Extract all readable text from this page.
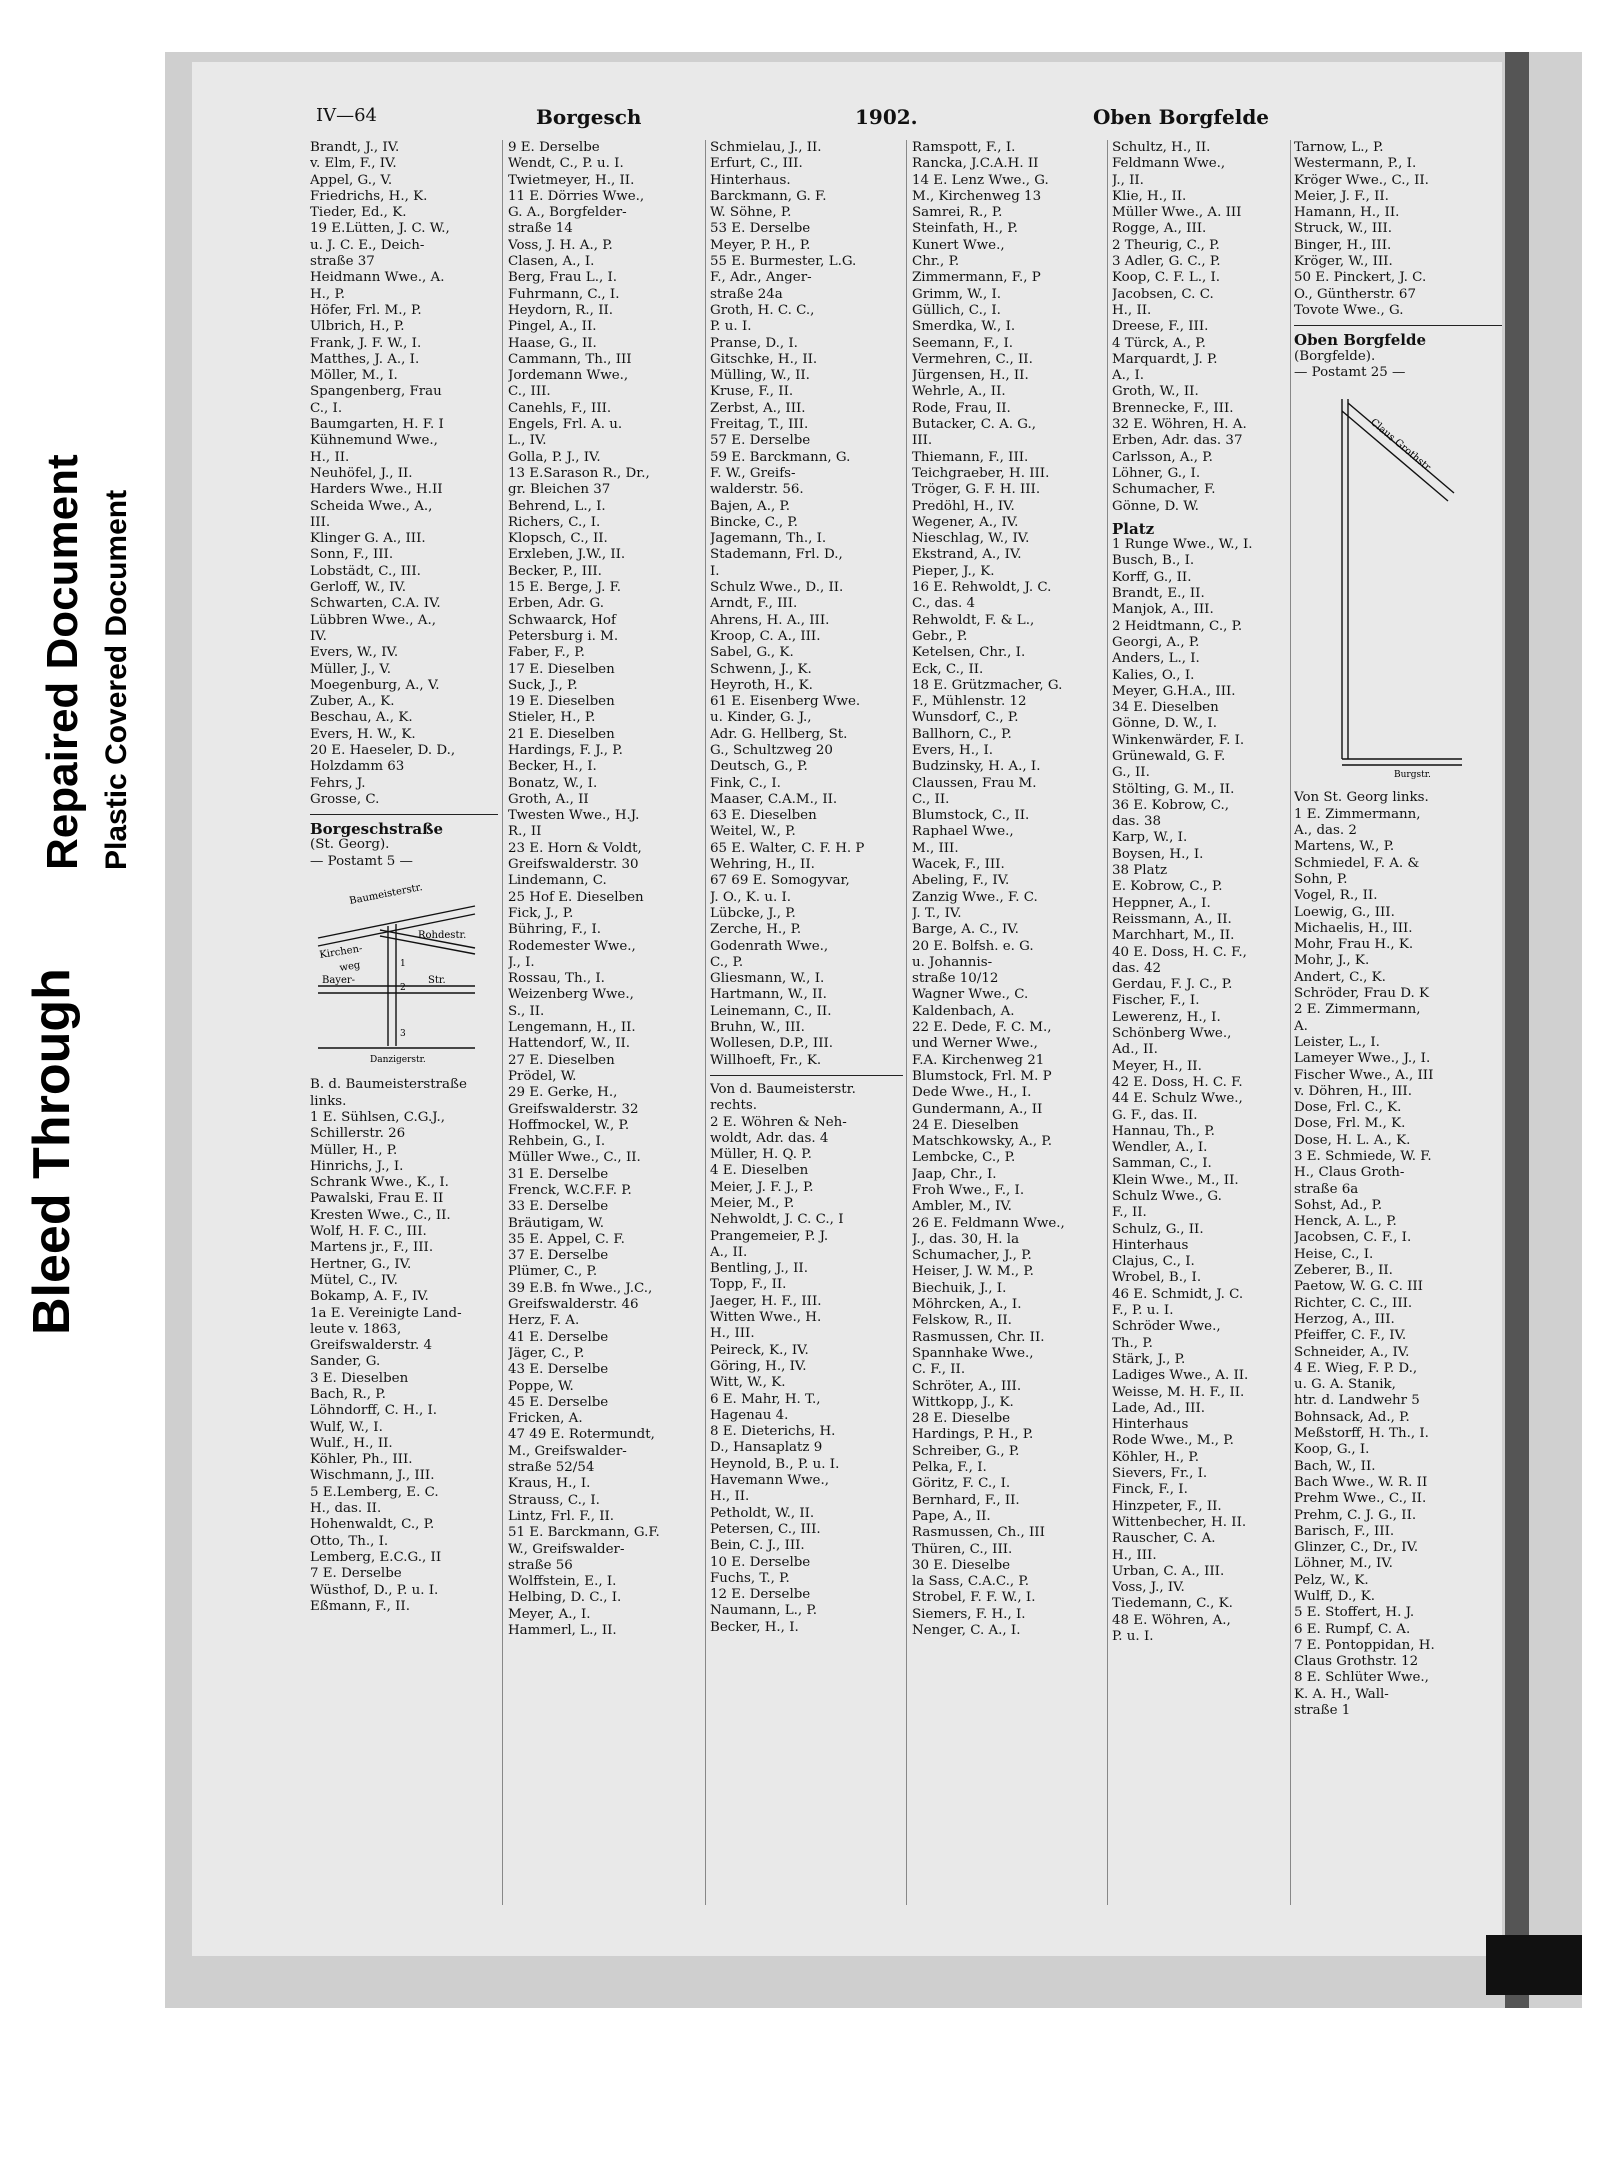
Bleed Through
Repaired Document Plastic Covered Document
IV—64	Borgesch	1902.	Oben Borgfelde
Brandt, J., IV.
v. Elm, F., IV.
Appel, G., V.
Friedrichs, H., K.
Tieder, Ed., K.
19 E.Lütten, J. C. W.,
u. J. C. E., Deich-
straße 37
Heidmann Wwe., A.
H., P.
Höfer, Frl. M., P.
Ulbrich, H., P.
Frank, J. F. W., I.
Matthes, J. A., I.
Möller, M., I.
Spangenberg, Frau
C., I.
Baumgarten, H. F. I
Kühnemund Wwe.,
H., II.
Neuhöfel, J., II.
Harders Wwe., H.II
Scheida Wwe., A.,
III.
Klinger G. A., III.
Sonn, F., III.
Lobstädt, C., III.
Gerloff, W., IV.
Schwarten, C.A. IV.
Lübbren Wwe., A.,
IV.
Evers, W., IV.
Müller, J., V.
Moegenburg, A., V.
Zuber, A., K.
Beschau, A., K.
Evers, H. W., K.
20 E. Haeseler, D. D.,
Holzdamm 63
Fehrs, J.
Grosse, C.
Borgeschstraße
(St. Georg).
— Postamt 5 —
Baumeisterstr.
Rohdestr.
Kirchen-
weg
Bayer-	Str.
Danzigerstr.
1
2
3
B. d. Baumeisterstraße
links.
1 E. Sühlsen, C.G.J.,
Schillerstr. 26
Müller, H., P.
Hinrichs, J., I.
Schrank Wwe., K., I.
Pawalski, Frau E. II
Kresten Wwe., C., II.
Wolf, H. F. C., III.
Martens jr., F., III.
Hertner, G., IV.
Mütel, C., IV.
Bokamp, A. F., IV.
1a E. Vereinigte Land-
leute v. 1863,
Greifswalderstr. 4
Sander, G.
3 E. Dieselben
Bach, R., P.
Löhndorff, C. H., I.
Wulf, W., I.
Wulf., H., II.
Köhler, Ph., III.
Wischmann, J., III.
5 E.Lemberg, E. C.
H., das. II.
Hohenwaldt, C., P.
Otto, Th., I.
Lemberg, E.C.G., II
7 E. Derselbe
Wüsthof, D., P. u. I.
Eßmann, F., II.
9 E. Derselbe
Wendt, C., P. u. I.
Twietmeyer, H., II.
11 E. Dörries Wwe.,
G. A., Borgfelder-
straße 14
Voss, J. H. A., P.
Clasen, A., I.
Berg, Frau L., I.
Fuhrmann, C., I.
Heydorn, R., II.
Pingel, A., II.
Haase, G., II.
Cammann, Th., III
Jordemann Wwe.,
C., III.
Canehls, F., III.
Engels, Frl. A. u.
L., IV.
Golla, P. J., IV.
13 E.Sarason R., Dr.,
gr. Bleichen 37
Behrend, L., I.
Richers, C., I.
Klopsch, C., II.
Erxleben, J.W., II.
Becker, P., III.
15 E. Berge, J. F.
Erben, Adr. G.
Schwaarck, Hof
Petersburg i. M.
Faber, F., P.
17 E. Dieselben
Suck, J., P.
19 E. Dieselben
Stieler, H., P.
21 E. Dieselben
Hardings, F. J., P.
Becker, H., I.
Bonatz, W., I.
Groth, A., II
Twesten Wwe., H.J.
R., II
23 E. Horn & Voldt,
Greifswalderstr. 30
Lindemann, C.
25 Hof E. Dieselben
Fick, J., P.
Bühring, F., I.
Rodemester Wwe.,
J., I.
Rossau, Th., I.
Weizenberg Wwe.,
S., II.
Lengemann, H., II.
Hattendorf, W., II.
27 E. Dieselben
Prödel, W.
29 E. Gerke, H.,
Greifswalderstr. 32
Hoffmockel, W., P.
Rehbein, G., I.
Müller Wwe., C., II.
31 E. Derselbe
Frenck, W.C.F.F. P.
33 E. Derselbe
Bräutigam, W.
35 E. Appel, C. F.
37 E. Derselbe
Plümer, C., P.
39 E.B. fn Wwe., J.C.,
Greifswalderstr. 46
Herz, F. A.
41 E. Derselbe
Jäger, C., P.
43 E. Derselbe
Poppe, W.
45 E. Derselbe
Fricken, A.
47 49 E. Rotermundt,
M., Greifswalder-
straße 52/54
Kraus, H., I.
Strauss, C., I.
Lintz, Frl. F., II.
51 E. Barckmann, G.F.
W., Greifswalder-
straße 56
Wolffstein, E., I.
Helbing, D. C., I.
Meyer, A., I.
Hammerl, L., II.
Schmielau, J., II.
Erfurt, C., III.
Hinterhaus.
Barckmann, G. F.
W. Söhne, P.
53 E. Derselbe
Meyer, P. H., P.
55 E. Burmester, L.G.
F., Adr., Anger-
straße 24a
Groth, H. C. C.,
P. u. I.
Pranse, D., I.
Gitschke, H., II.
Mülling, W., II.
Kruse, F., II.
Zerbst, A., III.
Freitag, T., III.
57 E. Derselbe
59 E. Barckmann, G.
F. W., Greifs-
walderstr. 56.
Bajen, A., P.
Bincke, C., P.
Jagemann, Th., I.
Stademann, Frl. D.,
I.
Schulz Wwe., D., II.
Arndt, F., III.
Ahrens, H. A., III.
Kroop, C. A., III.
Sabel, G., K.
Schwenn, J., K.
Heyroth, H., K.
61 E. Eisenberg Wwe.
u. Kinder, G. J.,
Adr. G. Hellberg, St.
G., Schultzweg 20
Deutsch, G., P.
Fink, C., I.
Maaser, C.A.M., II.
63 E. Dieselben
Weitel, W., P.
65 E. Walter, C. F. H. P
Wehring, H., II.
67 69 E. Somogyvar,
J. O., K. u. I.
Lübcke, J., P.
Zerche, H., P.
Godenrath Wwe.,
C., P.
Gliesmann, W., I.
Hartmann, W., II.
Leinemann, C., II.
Bruhn, W., III.
Wollesen, D.P., III.
Willhoeft, Fr., K.
Von d. Baumeisterstr.
rechts.
2 E. Wöhren & Neh-
woldt, Adr. das. 4
Müller, H. Q. P.
4 E. Dieselben
Meier, J. F. J., P.
Meier, M., P.
Nehwoldt, J. C. C., I
Prangemeier, P. J.
A., II.
Bentling, J., II.
Topp, F., II.
Jaeger, H. F., III.
Witten Wwe., H.
H., III.
Peireck, K., IV.
Göring, H., IV.
Witt, W., K.
6 E. Mahr, H. T.,
Hagenau 4.
8 E. Dieterichs, H.
D., Hansaplatz 9
Heynold, B., P. u. I.
Havemann Wwe.,
H., II.
Petholdt, W., II.
Petersen, C., III.
Bein, C. J., III.
10 E. Derselbe
Fuchs, T., P.
12 E. Derselbe
Naumann, L., P.
Becker, H., I.
Ramspott, F., I.
Rancka, J.C.A.H. II
14 E. Lenz Wwe., G.
M., Kirchenweg 13
Samrei, R., P.
Steinfath, H., P.
Kunert Wwe.,
Chr., P.
Zimmermann, F., P
Grimm, W., I.
Güllich, C., I.
Smerdka, W., I.
Seemann, F., I.
Vermehren, C., II.
Jürgensen, H., II.
Wehrle, A., II.
Rode, Frau, II.
Butacker, C. A. G.,
III.
Thiemann, F., III.
Teichgraeber, H. III.
Tröger, G. F. H. III.
Predöhl, H., IV.
Wegener, A., IV.
Nieschlag, W., IV.
Ekstrand, A., IV.
Pieper, J., K.
16 E. Rehwoldt, J. C.
C., das. 4
Rehwoldt, F. & L.,
Gebr., P.
Ketelsen, Chr., I.
Eck, C., II.
18 E. Grützmacher, G.
F., Mühlenstr. 12
Wunsdorf, C., P.
Ballhorn, C., P.
Evers, H., I.
Budzinsky, H. A., I.
Claussen, Frau M.
C., II.
Blumstock, C., II.
Raphael Wwe.,
M., III.
Wacek, F., III.
Abeling, F., IV.
Zanzig Wwe., F. C.
J. T., IV.
Barge, A. C., IV.
20 E. Bolfsh. e. G.
u. Johannis-
straße 10/12
Wagner Wwe., C.
Kaldenbach, A.
22 E. Dede, F. C. M.,
und Werner Wwe.,
F.A. Kirchenweg 21
Blumstock, Frl. M. P
Dede Wwe., H., I.
Gundermann, A., II
24 E. Dieselben
Matschkowsky, A., P.
Lembcke, C., P.
Jaap, Chr., I.
Froh Wwe., F., I.
Ambler, M., IV.
26 E. Feldmann Wwe.,
J., das. 30, H. la
Schumacher, J., P.
Heiser, J. W. M., P.
Biechuik, J., I.
Möhrcken, A., I.
Felskow, R., II.
Rasmussen, Chr. II.
Spannhake Wwe.,
C. F., II.
Schröter, A., III.
Wittkopp, J., K.
28 E. Dieselbe
Hardings, P. H., P.
Schreiber, G., P.
Pelka, F., I.
Göritz, F. C., I.
Bernhard, F., II.
Pape, A., II.
Rasmussen, Ch., III
Thüren, C., III.
30 E. Dieselbe
la Sass, C.A.C., P.
Strobel, F. F. W., I.
Siemers, F. H., I.
Nenger, C. A., I.
Schultz, H., II.
Feldmann Wwe.,
J., II.
Klie, H., II.
Müller Wwe., A. III
Rogge, A., III.
2 Theurig, C., P.
3 Adler, G. C., P.
Koop, C. F. L., I.
Jacobsen, C. C.
H., II.
Dreese, F., III.
4 Türck, A., P.
Marquardt, J. P.
A., I.
Groth, W., II.
Brennecke, F., III.
32 E. Wöhren, H. A.
Erben, Adr. das. 37
Carlsson, A., P.
Löhner, G., I.
Schumacher, F.
Gönne, D. W.
Platz
1 Runge Wwe., W., I.
Busch, B., I.
Korff, G., II.
Brandt, E., II.
Manjok, A., III.
2 Heidtmann, C., P.
Georgi, A., P.
Anders, L., I.
Kalies, O., I.
Meyer, G.H.A., III.
34 E. Dieselben
Gönne, D. W., I.
Winkenwärder, F. I.
Grünewald, G. F.
G., II.
Stölting, G. M., II.
36 E. Kobrow, C.,
das. 38
Karp, W., I.
Boysen, H., I.
38 Platz
E. Kobrow, C., P.
Heppner, A., I.
Reissmann, A., II.
Marchhart, M., II.
40 E. Doss, H. C. F.,
das. 42
Gerdau, F. J. C., P.
Fischer, F., I.
Lewerenz, H., I.
Schönberg Wwe.,
Ad., II.
Meyer, H., II.
42 E. Doss, H. C. F.
44 E. Schulz Wwe.,
G. F., das. II.
Hannau, Th., P.
Wendler, A., I.
Samman, C., I.
Klein Wwe., M., II.
Schulz Wwe., G.
F., II.
Schulz, G., II.
Hinterhaus
Clajus, C., I.
Wrobel, B., I.
46 E. Schmidt, J. C.
F., P. u. I.
Schröder Wwe.,
Th., P.
Stärk, J., P.
Ladiges Wwe., A. II.
Weisse, M. H. F., II.
Lade, Ad., III.
Hinterhaus
Rode Wwe., M., P.
Köhler, H., P.
Sievers, Fr., I.
Finck, F., I.
Hinzpeter, F., II.
Wittenbecher, H. II.
Rauscher, C. A.
H., III.
Urban, C. A., III.
Voss, J., IV.
Tiedemann, C., K.
48 E. Wöhren, A.,
P. u. I.
Tarnow, L., P.
Westermann, P., I.
Kröger Wwe., C., II.
Meier, J. F., II.
Hamann, H., II.
Struck, W., III.
Binger, H., III.
Kröger, W., III.
50 E. Pinckert, J. C.
O., Güntherstr. 67
Tovote Wwe., G.
Oben Borgfelde
(Borgfelde).
— Postamt 25 —
Claus Grothstr.
Burgstr.
Von St. Georg links.
1 E. Zimmermann,
A., das. 2
Martens, W., P.
Schmiedel, F. A. &
Sohn, P.
Vogel, R., II.
Loewig, G., III.
Michaelis, H., III.
Mohr, Frau H., K.
Mohr, J., K.
Andert, C., K.
Schröder, Frau D. K
2 E. Zimmermann,
A.
Leister, L., I.
Lameyer Wwe., J., I.
Fischer Wwe., A., III
v. Döhren, H., III.
Dose, Frl. C., K.
Dose, Frl. M., K.
Dose, H. L. A., K.
3 E. Schmiede, W. F.
H., Claus Groth-
straße 6a
Sohst, Ad., P.
Henck, A. L., P.
Jacobsen, C. F., I.
Heise, C., I.
Zeberer, B., II.
Paetow, W. G. C. III
Richter, C. C., III.
Herzog, A., III.
Pfeiffer, C. F., IV.
Schneider, A., IV.
4 E. Wieg, F. P. D.,
u. G. A. Stanik,
htr. d. Landwehr 5
Bohnsack, Ad., P.
Meßstorff, H. Th., I.
Koop, G., I.
Bach, W., II.
Bach Wwe., W. R. II
Prehm Wwe., C., II.
Prehm, C. J. G., II.
Barisch, F., III.
Glinzer, C., Dr., IV.
Löhner, M., IV.
Pelz, W., K.
Wulff, D., K.
5 E. Stoffert, H. J.
6 E. Rumpf, C. A.
7 E. Pontoppidan, H.
Claus Grothstr. 12
8 E. Schlüter Wwe.,
K. A. H., Wall-
straße 1
